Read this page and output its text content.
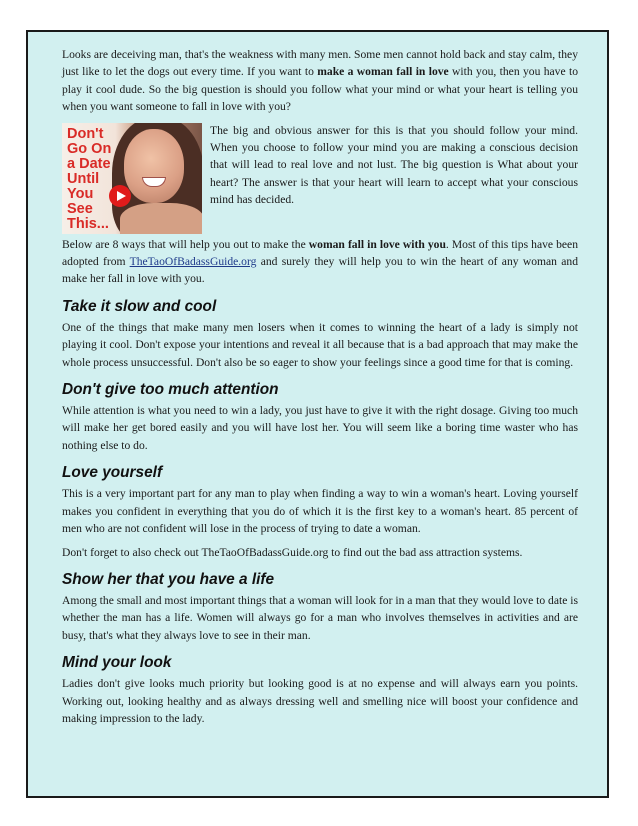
Looks are deceiving man, that's the weakness with many men. Some men cannot hold back and stay calm, they just like to let the dogs out every time. If you want to make a woman fall in love with you, then you have to play it cool dude. So the big question is should you follow what your mind or what your heart is telling you when you want someone to fall in love with you?

Don't
Go On
a Date
Until
You
See
This...

The big and obvious answer for this is that you should follow your mind. When you choose to follow your mind you are making a conscious decision that will lead to real love and not lust. The big question is What about your heart? The answer is that your heart will learn to accept what your conscious mind has decided.

Below are 8 ways that will help you out to make the woman fall in love with you. Most of this tips have been adopted from TheTaoOfBadassGuide.org and surely they will help you to win the heart of any woman and make her fall in love with you.

Take it slow and cool

One of the things that make many men losers when it comes to winning the heart of a lady is simply not playing it cool. Don't expose your intentions and reveal it all because that is a bad approach that may make the whole process unsuccessful. Don't also be so eager to show your feelings since a good time for that is coming.

Don't give too much attention

While attention is what you need to win a lady, you just have to give it with the right dosage. Giving too much will make her get bored easily and you will have lost her. You will seem like a boring time waster who has nothing else to do.

Love yourself

This is a very important part for any man to play when finding a way to win a woman's heart. Loving yourself makes you confident in everything that you do of which it is the first key to a woman's heart. 85 percent of men who are not confident will lose in the process of trying to date a woman.

Don't forget to also check out TheTaoOfBadassGuide.org to find out the bad ass attraction systems.

Show her that you have a life

Among the small and most important things that a woman will look for in a man that they would love to date is whether the man has a life. Women will always go for a man who involves themselves in activities and are busy, that's what they always love to see in their man.

Mind your look

Ladies don't give looks much priority but looking good is at no expense and will always earn you points. Working out, looking healthy and as always dressing well and smelling nice will boost your confidence and making impression to the lady.
